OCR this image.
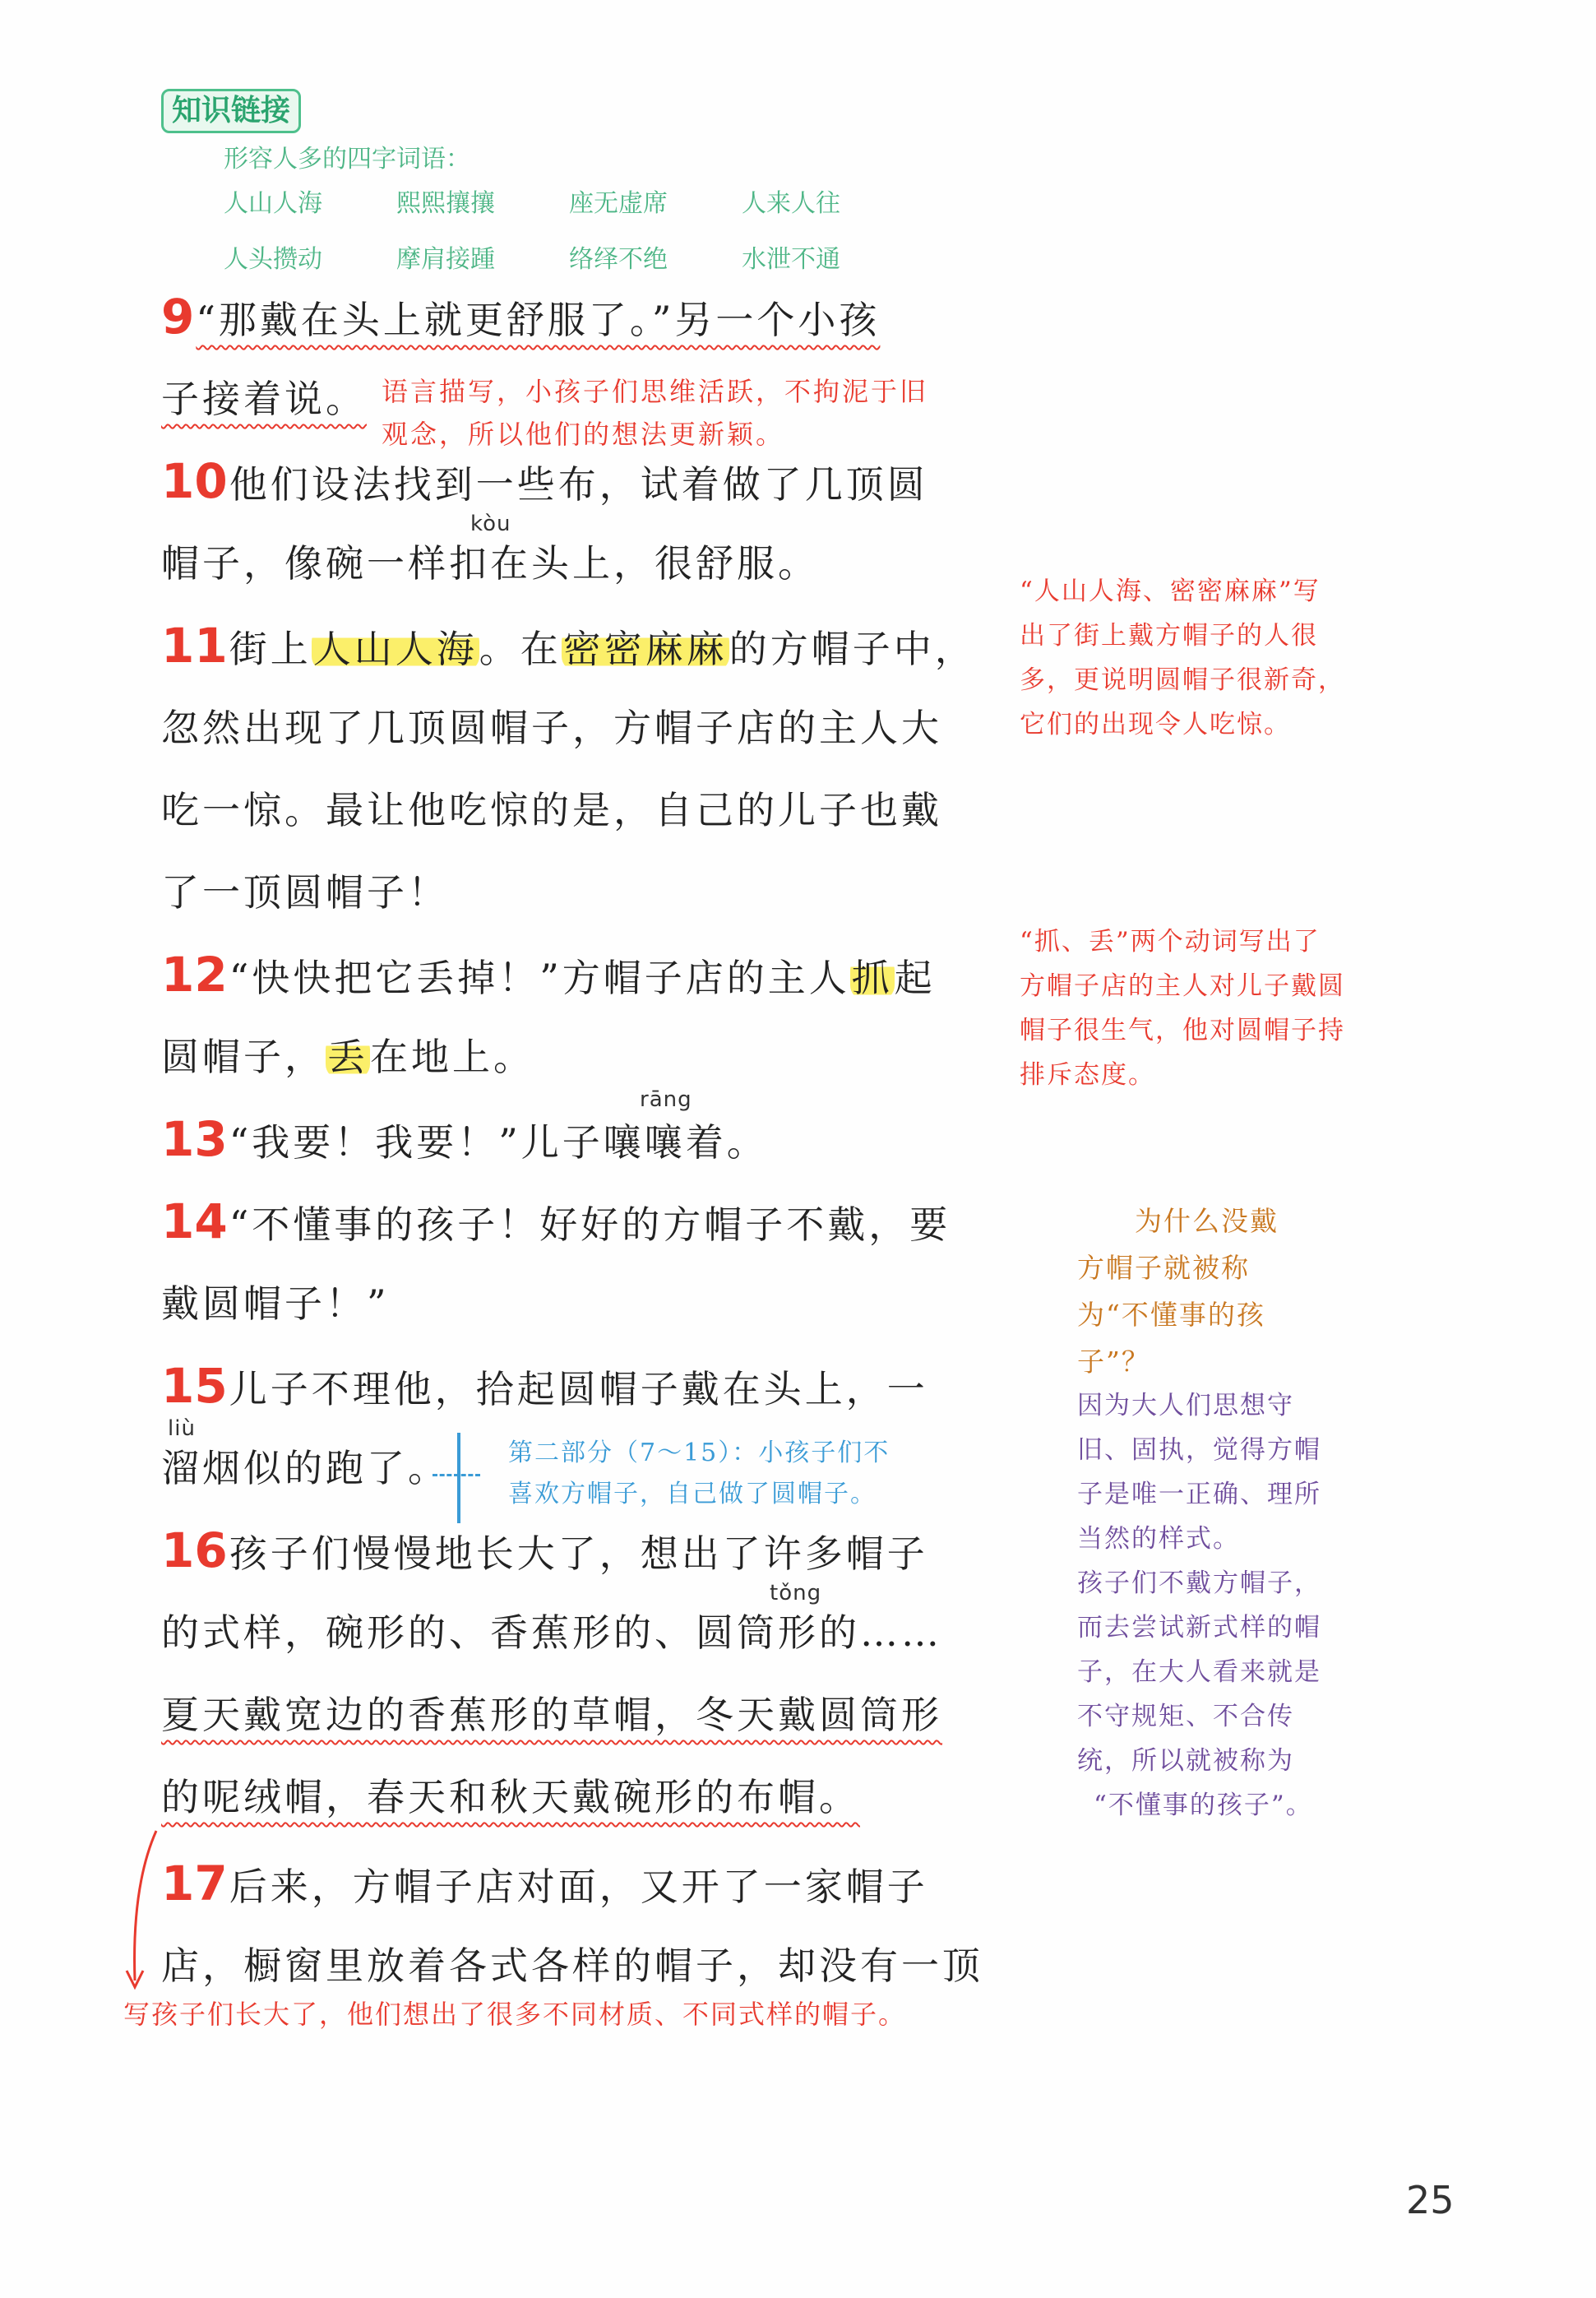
知识链接
形容人多的四字词语：
人山人海	熙熙攘攘	座无虚席	人来人往
人头攒动	摩肩接踵	络绎不绝	水泄不通
9“那戴在头上就更舒服了。”另一个小孩
子接着说。 语言描写，小孩子们思维活跃，不拘泥于旧
观念，所以他们的想法更新颖。
10他们设法找到一些布，试着做了几顶圆
kòu
帽子，像碗一样扣在头上，很舒服。
11街上人山人海。在密密麻麻的方帽子中，
忽然出现了几顶圆帽子，方帽子店的主人大
吃一惊。最让他吃惊的是，自己的儿子也戴
了一顶圆帽子！
“人山人海、密密麻麻”写
出了街上戴方帽子的人很
多，更说明圆帽子很新奇，
它们的出现令人吃惊。
12“快快把它丢掉！”方帽子店的主人抓起
圆帽子，丢在地上。
“抓、丢”两个动词写出了
方帽子店的主人对儿子戴圆
帽子很生气，他对圆帽子持
排斥态度。
rāng
13“我要！我要！”儿子嚷嚷着。
14“不懂事的孩子！好好的方帽子不戴，要
戴圆帽子！”
为什么没戴
方帽子就被称
为“不懂事的孩
子”？
因为大人们思想守
旧、固执，觉得方帽
子是唯一正确、理所
当然的样式。
孩子们不戴方帽子，
而去尝试新式样的帽
子，在大人看来就是
不守规矩、不合传
统，所以就被称为
“不懂事的孩子”。
15儿子不理他，拾起圆帽子戴在头上，一
liù
溜烟似的跑了。	第二部分（7～15）：小孩子们不
喜欢方帽子，自己做了圆帽子。
16孩子们慢慢地长大了，想出了许多帽子
tǒng
的式样，碗形的、香蕉形的、圆筒形的……
夏天戴宽边的香蕉形的草帽，冬天戴圆筒形
的呢绒帽，春天和秋天戴碗形的布帽。
17后来，方帽子店对面，又开了一家帽子
店，橱窗里放着各式各样的帽子，却没有一顶
写孩子们长大了，他们想出了很多不同材质、不同式样的帽子。
25
